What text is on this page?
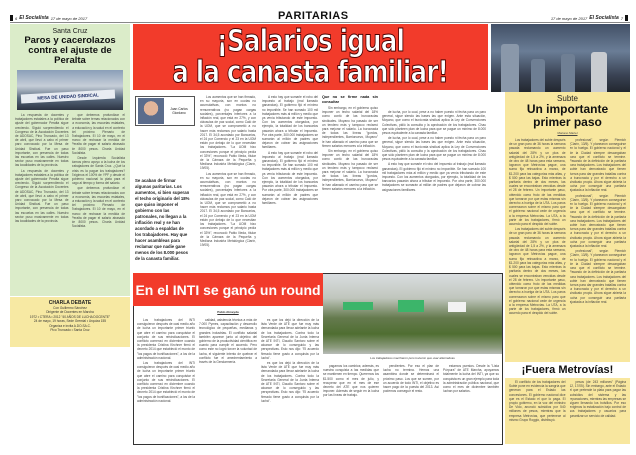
6 El Socialista 17 de mayo de 2017	PARITARIAS	17 de mayo de 2017 El Socialista 7
Santa Cruz
Paros y cacerolazos contra el ajuste de Peralta
MESA DE UNIDAD SINDICAL

La respuesta de docentes y trabajadores estatales a la política de ajuste del gobernador Peralta sigue creciendo. Siguió sorprendiendo el Congreso de la Asociación Docentes de ADOSAC, Pino Truncado, del 13 de abril, que llevó a cabo el primer paro convocado por la Mesa de Unidad Sindical. Fue un paso importante, con presencia de todas las escuelas en las calles. Nuestro sector puso masivamente en todas las localidades de la provincia.

La respuesta de docentes y trabajadores estatales a la política de ajuste del gobernador Peralta sigue creciendo. Siguió sorprendiendo el Congreso de la Asociación Docentes de ADOSAC, Pino Truncado, del 13 de abril, que llevó a cabo el primer paro convocado por la Mesa de Unidad Sindical. Fue un paso importante, con presencia de todas las escuelas en las calles. Nuestro sector puso masivamente en todas las localidades de la provincia.

que debemos profundizar el debate sobre temas relacionados con la economía, las escuelas estatales, la educación y la salud en el contexto del próximo Plenario de Trabajadores. El 10 de mayo, en el marco de rechazar la medida de Peralta de pagar el salario atrasado de 8000 pesos. Charla Unidad Socialista.

Desde Izquierda Socialista damos pleno apoyo a la lucha de los trabajadores de Santa Cruz. ¿Qué la crisis es la pague los trabajadores? Exigimos el 100% de YPF y desde el gobierno nacional la plata para el pago al tiempo y forma del salario.

que debemos profundizar el debate sobre temas relacionados con la economía, las escuelas estatales, la educación y la salud en el contexto del próximo Plenario de Trabajadores. El 10 de mayo, en el marco de rechazar la medida de Peralta de pagar el salario atrasado de 8000 pesos. Charla Unidad Socialista.

CHARLA DEBATE
Con Guillermo Sánchez
Dirigente de Docentes en Marcha
1972 • CTERA • 2012 "40 AÑOS DE LUCHA DOCENTE"
24 de mayo, 19 horas, Sede Gremial • Urquiza 155
Organiza e invita A.DO.SA.C.
Pico Truncado • Santa Cruz
¡Salarios igual
a la canasta familiar!
Juan Carlos Giordano
Se acaban de firmar algunas paritarias. Los aumentos, si bien superan el techo originario del 18% que quiso imponer el gobierno con las patronales, no llegan a la inflación real y se han acordado a espaldas de los trabajadores. Hay que hacer asambleas para reclamar que nadie gane menos de los 8.000 pesos de la canasta familiar.

Los aumentos que se han firmado, en su mayoría, son en cuotas no acumulativas, con montos no remunerativos (no pagan cargas sociales), porcentajes inferiores a la inflación real, que está en 27%, y con cláusulas de paz social, como Caló de la UOM, que se comprometió a no hacer más reclamos por salario hasta 2017. El 34,5 acordado por Bancarios, el 24 por Comercio y el 23 en la UOM están por debajo de lo que necesitan los trabajadores. "La UOM hizo concesiones porque el principio pedía el 33%", reconoció Pablo Ilieda, titular de la Cámara de la Pequeña y Mediana Industria Metalúrgica (Clarín, 19/05).

Los aumentos que se han firmado, en su mayoría, son en cuotas no acumulativas, con montos no remunerativos (no pagan cargas sociales), porcentajes inferiores a la inflación real, que está en 27%, y con cláusulas de paz social, como Caló de la UOM, que se comprometió a no hacer más reclamos por salario hasta 2017. El 34,5 acordado por Bancarios, el 24 por Comercio y el 23 en la UOM están por debajo de lo que necesitan los trabajadores. "La UOM hizo concesiones porque el principio pedía el 33%", reconoció Pablo Ilieda, titular de la Cámara de la Pequeña y Mediana Industria Metalúrgica (Clarín, 19/05).

A esto hay que sumarle el robo del impuesto al trabajo (mal llamado ganancias). El gobierno fijó el mínimo no imponible. Se han sumado 100 mil trabajadores más al millón y medio que ya venía tributando de este impuesto. Con los aumentos otorgados, por ejemplo, la totalidad de los bancarios pasarán ahora a tributar el impuesto. Por otra parte, 300.000 trabajadores se sumarán al millón de padres que dejaron de cobrar las asignaciones familiares.

A esto hay que sumarle el robo del impuesto al trabajo (mal llamado ganancias). El gobierno fijó el mínimo no imponible. Se han sumado 100 mil trabajadores más al millón y medio que ya venía tributando de este impuesto. Con los aumentos otorgados, por ejemplo, la totalidad de los bancarios pasarán ahora a tributar el impuesto. Por otra parte, 300.000 trabajadores se sumarán al millón de padres que dejaron de cobrar las asignaciones familiares.

Que no se firme nada sin consultar

Sin embargo, en el gobierno quiso imponer un techo salarial del 18% como contó de las burocracias sindicales. Moyano ha pasado de ser un tendero más y tampoco reclamó para mejorar el salario. La burocracia de todas las líneas "gordos, independientes, Barrionuevo, Moyano" le han allanado el camino para que se firmen salarios menores a la inflación.

Sin embargo, en el gobierno quiso imponer un techo salarial del 18% como contó de las burocracias sindicales. Moyano ha pasado de ser un tendero más y tampoco reclamó para mejorar el salario. La burocracia de todas las líneas "gordos, independientes, Barrionuevo, Moyano" le han allanado el camino para que se firmen salarios menores a la inflación.

de lucha, por lo cual, pese a no haber puesto ni fecha para un paro general, sigue siendo las bases las que exigen. Ante esta situación, Moyano, que como el burócrata sindical aplica la Ley de Convenciones Colectivas, pidió la consulta y la aprobación de los trabajadores. Chau que sólo planteen plan de lucha para que se pague un mínimo de 8.000 pesos equivalente a la canasta familiar.

de lucha, por lo cual, pese a no haber puesto ni fecha para un paro general, sigue siendo las bases las que exigen. Ante esta situación, Moyano, que como el burócrata sindical aplica la Ley de Convenciones Colectivas, pidió la consulta y la aprobación de los trabajadores. Chau que sólo planteen plan de lucha para que se pague un mínimo de 8.000 pesos equivalente a la canasta familiar.

A esto hay que sumarle el robo del impuesto al trabajo (mal llamado ganancias). El gobierno fijó el mínimo no imponible. Se han sumado 100 mil trabajadores más al millón y medio que ya venía tributando de este impuesto. Con los aumentos otorgados, por ejemplo, la totalidad de los bancarios pasarán ahora a tributar el impuesto. Por otra parte, 300.000 trabajadores se sumarán al millón de padres que dejaron de cobrar las asignaciones familiares.

Subte
Un importante primer paso
Mariano Martel

Los trabajadores del subte después de un gran paro de 36 horas la semana pasada reclamando un aumento salarial del 28% y un plus de antigüedad de 1,5 a 2%, y la amenaza de otro de 48 horas para esta semana, lograron que Metrovías pague, una suma fija retroactiva a marzo, de $1.200 para las categorías más altas, y $ 500 para las bajas. Esto mientras la paritaria dentro de dos meses, las cuales se encontraban vencidas desde el 28 de febrero. Un importante paso, obtenido como fruto de las medidas que tomaron por que estas mismas sin derecho a huelga de la UTA. Los paros comenzaron sobre el mismo paro que el gobierno nacional cede de urgencia a la empresa Metrovías. La UTA, a la parte de los trabajadores, firmó un acuerdo para el despido del subte.

Los trabajadores del subte después de un gran paro de 36 horas la semana pasada reclamando un aumento salarial del 28% y un plus de antigüedad de 1,5 a 2%, y la amenaza de otro de 48 horas para esta semana, lograron que Metrovías pague, una suma fija retroactiva a marzo, de $1.200 para las categorías más altas, y $ 500 para las bajas. Esto mientras la paritaria dentro de dos meses, las cuales se encontraban vencidas desde el 28 de febrero. Un importante paso, obtenido como fruto de las medidas que tomaron por que estas mismas sin derecho a huelga de la UTA. Los paros comenzaron sobre el mismo paro que el gobierno nacional cede de urgencia a la empresa Metrovías. La UTA, a la parte de los trabajadores, firmó un acuerdo para el despido del subte.

profesional", según Piemich (Clarín, 13/5). Y planearon conseguirse en la huelga. El gobierno nacional y el de la Ciudad siempre descargaban para que el conflicto se termine. Pasando de la definición de la paritaria para trabajadores. Los trabajadores del subte han demostrado que tienen fuerza para dar grandes batallas contra la burocracia y por el derecho a un sindicato propio. Ahora sigue abierta la lucha por conseguir una paritaria ajustada a la inflación real.

profesional", según Piemich (Clarín, 13/5). Y planearon conseguirse en la huelga. El gobierno nacional y el de la Ciudad siempre descargaban para que el conflicto se termine. Pasando de la definición de la paritaria para trabajadores. Los trabajadores del subte han demostrado que tienen fuerza para dar grandes batallas contra la burocracia y por el derecho a un sindicato propio. Ahora sigue abierta la lucha por conseguir una paritaria ajustada a la inflación real.

profesional", según Piemich (Clarín, 13/5). Y planearon conseguirse en la huelga. El gobierno nacional y el de la Ciudad siempre descargaban para que el conflicto se termine. Pasando de la definición de la paritaria para trabajadores. Los trabajadores del subte han demostrado que tienen fuerza para dar grandes batallas contra la burocracia y por el derecho a un sindicato propio. Ahora sigue abierta la lucha por conseguir una paritaria ajustada a la inflación real.

¡Fuera Metrovías!

El conflicto de los trabajadores del Subte pone en evidencia la sangría que generan para el Estado las concesiones. El gobierno nacional dice que es el Estado el que lo paga. El propio gobierno, en la voz del ministro De Vido, anunció subsidios por 540 millones de pesos, mientras que la empresa Metrovías, que pertenece al mismo Grupo Roggio, distribuyó.

pesos (de 243 millones" (Página 12, 17/05). Sin embargo, ante el Estado el que pretende la plata para pagar las subsidios del sistema y las reparaciones, mientras las empresas se siguen llenando los bolsillos. Por eso exigimos la estatización bajo control de sus trabajadores y usuarios para garantizar un servicio de calidad.

En el INTI se ganó un round
Los trabajadores marcharon pero tuvieron que usar alternativas
Pablo Almeyda

Los trabajadores del INTI consiguieron después de casi medio año de lucha un importante primer triunfo que abre el camino para conquistar el conjunto de sus reivindicaciones. El conflicto comenzó en diciembre cuando la presidenta Cristina Kirchner firmó el decreto 2014 que estableció el monto de "los pagos de bonificaciones", a los de la administración nacional.

Los trabajadores del INTI consiguieron después de casi medio año de lucha un importante primer triunfo que abre el camino para conquistar el conjunto de sus reivindicaciones. El conflicto comenzó en diciembre cuando la presidenta Cristina Kirchner firmó el decreto 2014 que estableció el monto de "los pagos de bonificaciones", a los de la administración nacional.

calidad, asistencia técnica a más de 7.000 Pymes, capacitación y desarrollo tecnológico de pequeñas, medianas y grandes industrias. El conflicto salarial también aparece junto al objetivo del gobierno de la productividad científica en cuanto para cumplir el acuerdo. Pero como este no logró torcer la voluntad de lucha, el siguiente intento de quebrar el conflicto fue el amedrentamiento a través de la Gendarmería.

es que los dejó la dirección de la lista Verde de ATE que fue muy más demandada para llevar adelante la lucha de los trabajadores. Contra todo la Secretaria General de la Junta Interna de ATE INTI, Claudio Santoro sobre el alcance de lo conseguido y las perspectivas. Esto nos dijo: "El acuerdo firmado tiene gusto a conquista por la lucha".

es que los dejó la dirección de la lista Verde de ATE que fue muy más demandada para llevar adelante la lucha de los trabajadores. Contra todo la Secretaria General de la Junta Interna de ATE INTI, Claudio Santoro sobre el alcance de lo conseguido y las perspectivas. Esto nos dijo: "El acuerdo firmado tiene gusto a conquista por la lucha".

pagamos los cambios; además, es nuestra conquista a las medidas que se mantienen en tiempo. Queremos los $1.500 como el mes de julio, y recuperar que en el mes de ese decreto del ATE que nos quieren imponer. Además de seguir en la lucha por las líneas de trabajo.

pendientes. Por eso el plan de lucha no termina. Hemos una asamblea donde se determinará el próximo paso. Los que se sumen, por un acuerdo de todo INTI, el objetivo es hacer pago de la puesta del 2013. Así podemos conseguir el resto.

estamos puestos. Desde la "Lista Púrpura" de ATE Marcha, apoyamos totalmente la lucha del INTI, ya que su conquista es un gran ejemplo para toda la administración pública nacional, que como el mes de diciembre también luchan por salarios.
